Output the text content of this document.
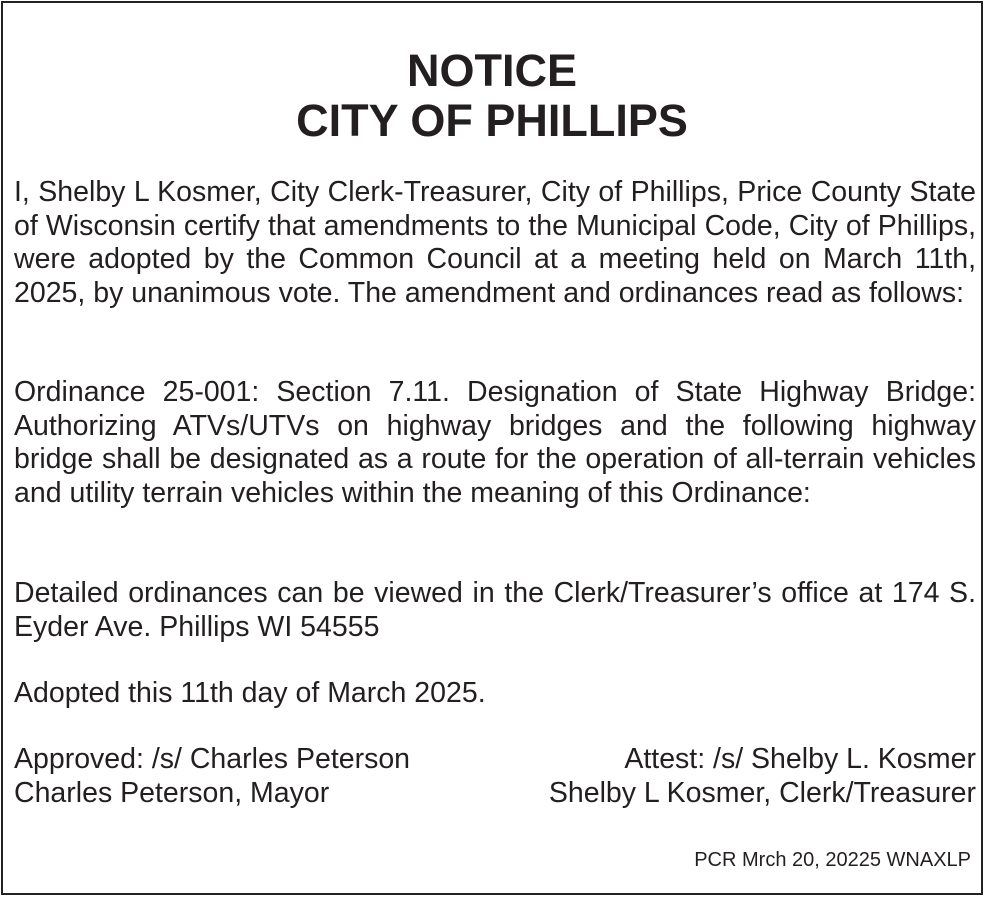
NOTICE
CITY OF PHILLIPS

I, Shelby L Kosmer, City Clerk-Treasurer, City of Phillips, Price County State of Wisconsin certify that amendments to the Municipal Code, City of Phillips, were adopted by the Common Council at a meeting held on March 11th, 2025, by unanimous vote. The amendment and ordinances read as follows:

Ordinance 25-001: Section 7.11. Designation of State Highway Bridge: Authorizing ATVs/UTVs on highway bridges and the following highway bridge shall be designated as a route for the operation of all-terrain vehicles and utility terrain vehicles within the meaning of this Ordinance:

Detailed ordinances can be viewed in the Clerk/Treasurer’s office at 174 S. Eyder Ave. Phillips WI 54555

Adopted this 11th day of March 2025.

Approved: /s/ Charles Peterson	Attest: /s/ Shelby L. Kosmer
Charles Peterson, Mayor	Shelby L Kosmer, Clerk/Treasurer
PCR Mrch 20, 20225 WNAXLP
